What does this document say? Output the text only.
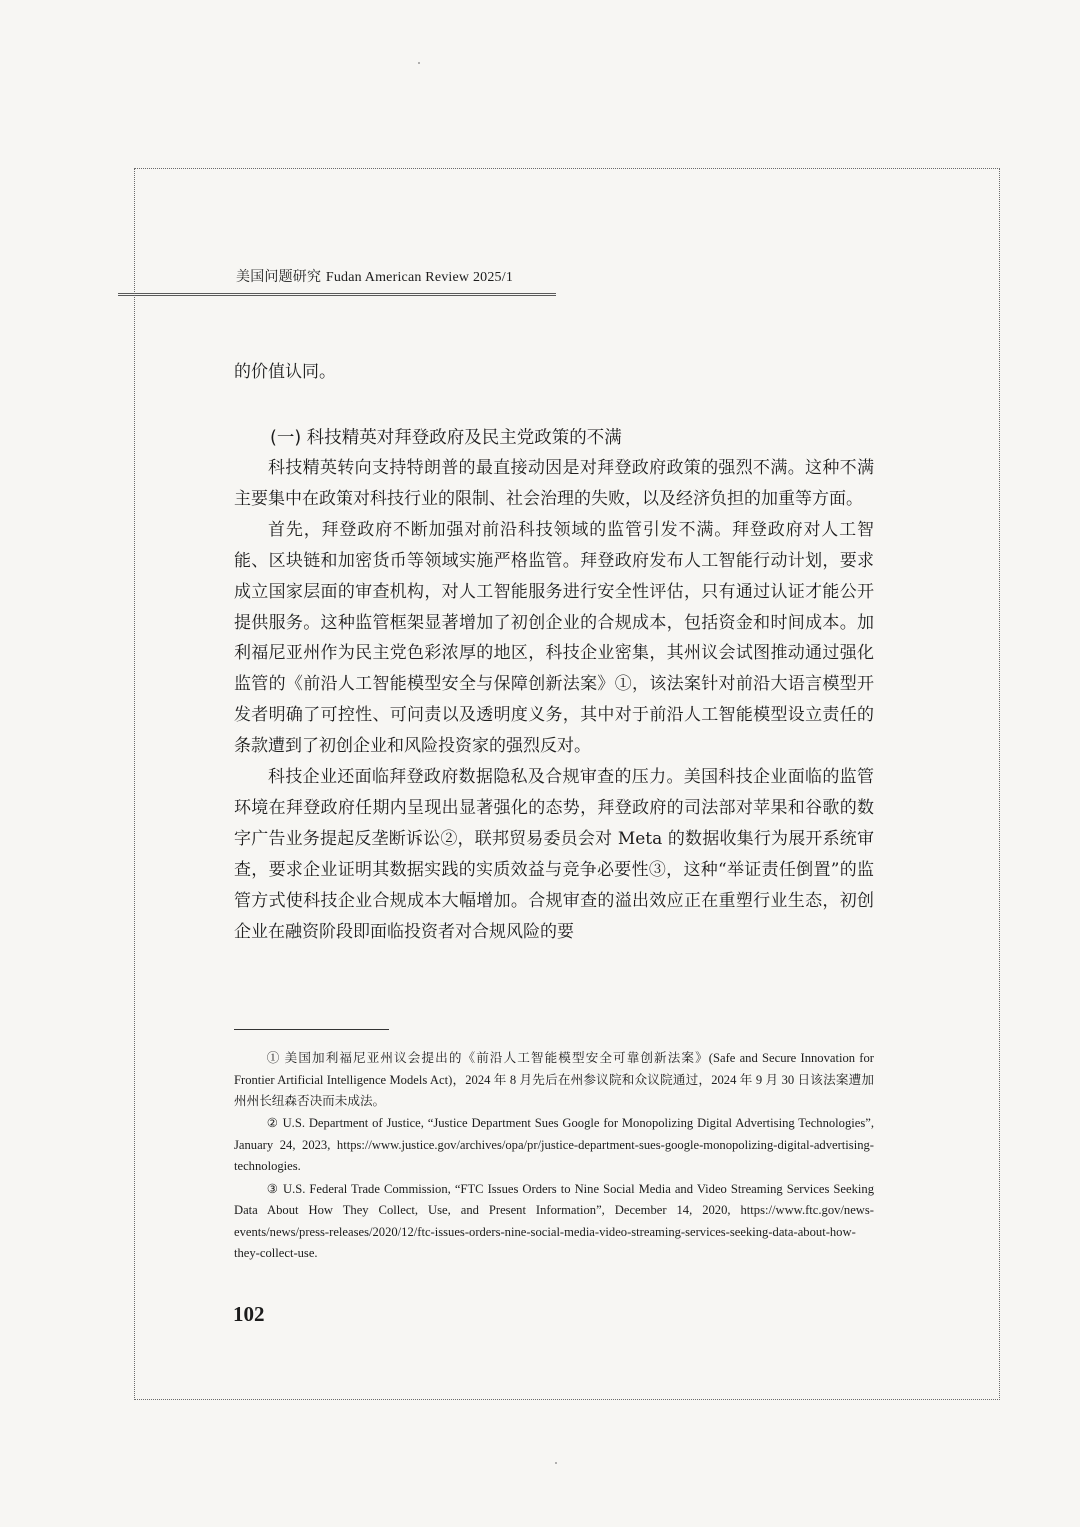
美国问题研究 Fudan American Review 2025/1

的价值认同。

(一) 科技精英对拜登政府及民主党政策的不满

科技精英转向支持特朗普的最直接动因是对拜登政府政策的强烈不满。这种不满主要集中在政策对科技行业的限制、社会治理的失败，以及经济负担的加重等方面。

首先，拜登政府不断加强对前沿科技领域的监管引发不满。拜登政府对人工智能、区块链和加密货币等领域实施严格监管。拜登政府发布人工智能行动计划，要求成立国家层面的审查机构，对人工智能服务进行安全性评估，只有通过认证才能公开提供服务。这种监管框架显著增加了初创企业的合规成本，包括资金和时间成本。加利福尼亚州作为民主党色彩浓厚的地区，科技企业密集，其州议会试图推动通过强化监管的《前沿人工智能模型安全与保障创新法案》①，该法案针对前沿大语言模型开发者明确了可控性、可问责以及透明度义务，其中对于前沿人工智能模型设立责任的条款遭到了初创企业和风险投资家的强烈反对。

科技企业还面临拜登政府数据隐私及合规审查的压力。美国科技企业面临的监管环境在拜登政府任期内呈现出显著强化的态势，拜登政府的司法部对苹果和谷歌的数字广告业务提起反垄断诉讼②，联邦贸易委员会对 Meta 的数据收集行为展开系统审查，要求企业证明其数据实践的实质效益与竞争必要性③，这种“举证责任倒置”的监管方式使科技企业合规成本大幅增加。合规审查的溢出效应正在重塑行业生态，初创企业在融资阶段即面临投资者对合规风险的要

① 美国加利福尼亚州议会提出的《前沿人工智能模型安全可靠创新法案》(Safe and Secure Innovation for Frontier Artificial Intelligence Models Act)，2024 年 8 月先后在州参议院和众议院通过，2024 年 9 月 30 日该法案遭加州州长纽森否决而未成法。

② U.S. Department of Justice, “Justice Department Sues Google for Monopolizing Digital Advertising Technologies”, January 24, 2023, https://www.justice.gov/archives/opa/pr/justice-department-sues-google-monopolizing-digital-advertising-technologies.

③ U.S. Federal Trade Commission, “FTC Issues Orders to Nine Social Media and Video Streaming Services Seeking Data About How They Collect, Use, and Present Information”, December 14, 2020, https://www.ftc.gov/news-events/news/press-releases/2020/12/ftc-issues-orders-nine-social-media-video-streaming-services-seeking-data-about-how-they-collect-use.

102
